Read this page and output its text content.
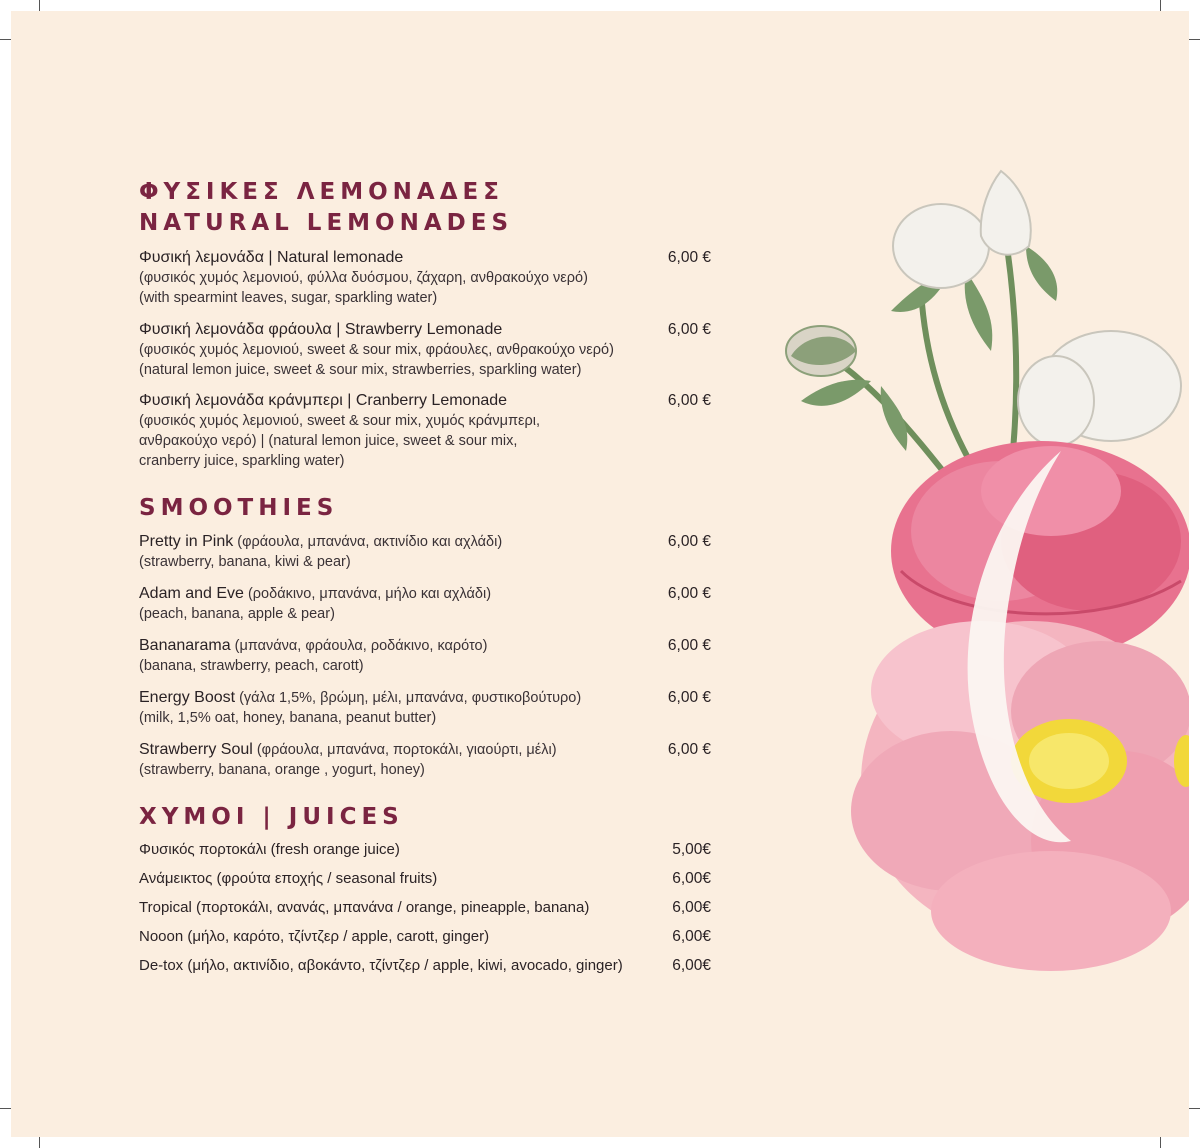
ΦΥΣΙΚΕΣ ΛΕΜΟΝΑΔΕΣ
NATURAL LEMONADES
Φυσική λεμονάδα | Natural lemonade
(φυσικός χυμός λεμονιού, φύλλα δυόσμου, ζάχαρη, ανθρακούχο νερό)
(with spearmint leaves, sugar, sparkling water)
6,00 €
Φυσική λεμονάδα φράουλα | Strawberry Lemonade
(φυσικός χυμός λεμονιού, sweet & sour mix, φράουλες, ανθρακούχο νερό)
(natural lemon juice, sweet & sour mix, strawberries, sparkling water)
6,00 €
Φυσική λεμονάδα κράνμπερι | Cranberry Lemonade
(φυσικός χυμός λεμονιού, sweet & sour mix, χυμός κράνμπερι,
ανθρακούχο νερό) | (natural lemon juice, sweet & sour mix,
cranberry juice, sparkling water)
6,00 €
SMOOTHIES
Pretty in Pink (φράουλα, μπανάνα, ακτινίδιο και αχλάδι)
(strawberry, banana, kiwi & pear)
6,00 €
Adam and Eve (ροδάκινο, μπανάνα, μήλο και αχλάδι)
(peach, banana, apple & pear)
6,00 €
Bananarama (μπανάνα, φράουλα, ροδάκινο, καρότο)
(banana, strawberry, peach, carott)
6,00 €
Energy Boost (γάλα 1,5%, βρώμη, μέλι, μπανάνα, φυστικοβούτυρο)
(milk, 1,5% oat, honey, banana, peanut butter)
6,00 €
Strawberry Soul (φράουλα, μπανάνα, πορτοκάλι, γιαούρτι, μέλι)
(strawberry, banana, orange , yogurt, honey)
6,00 €
ΧΥΜΟΙ | JUICES
Φυσικός πορτοκάλι (fresh orange juice)	5,00€
Ανάμεικτος (φρούτα εποχής / seasonal fruits)	6,00€
Tropical (πορτοκάλι, ανανάς, μπανάνα / orange, pineapple, banana)	6,00€
Nooon (μήλο, καρότο, τζίντζερ / apple, carott, ginger)	6,00€
De-tox (μήλο, ακτινίδιο, αβοκάντο, τζίντζερ / apple, kiwi, avocado, ginger)	6,00€
